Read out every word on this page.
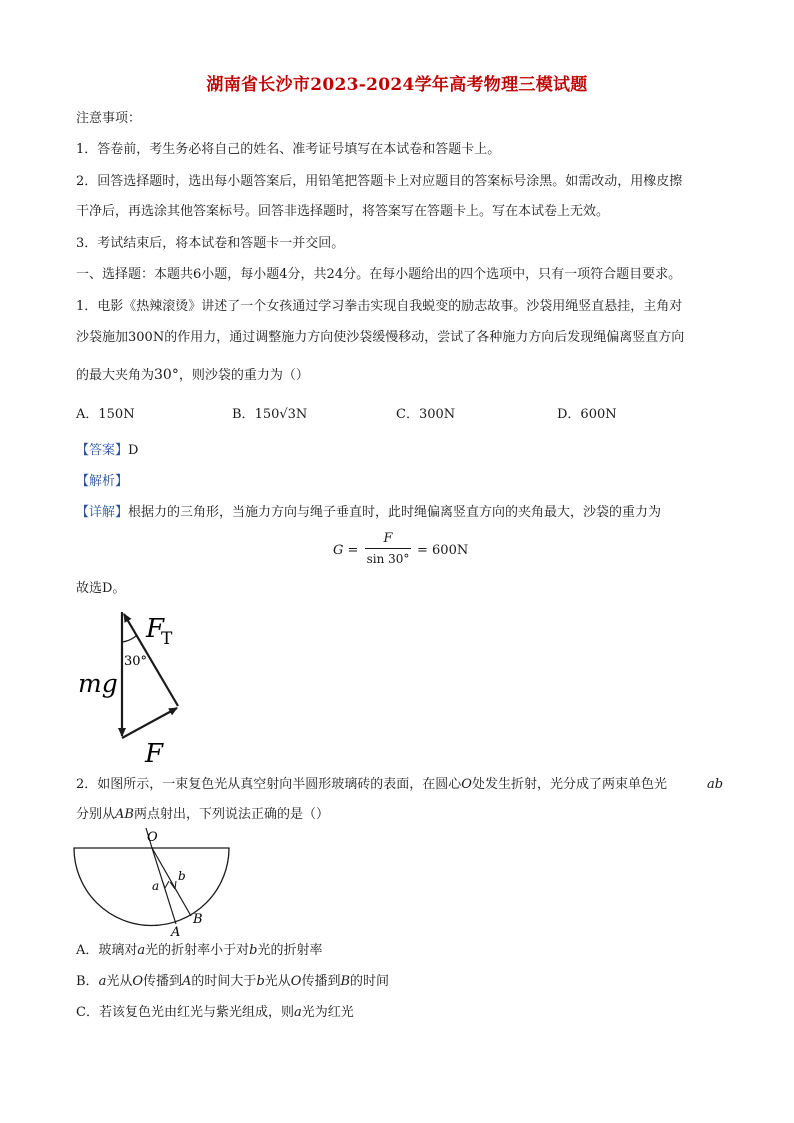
湖南省长沙市2023-2024学年高考物理三模试题
注意事项：
1．答卷前，考生务必将自己的姓名、准考证号填写在本试卷和答题卡上。
2．回答选择题时，选出每小题答案后，用铅笔把答题卡上对应题目的答案标号涂黑。如需改动，用橡皮擦
干净后，再选涂其他答案标号。回答非选择题时，将答案写在答题卡上。写在本试卷上无效。
3．考试结束后，将本试卷和答题卡一并交回。
一、选择题：本题共6小题，每小题4分，共24分。在每小题给出的四个选项中，只有一项符合题目要求。
1．电影《热辣滚烫》讲述了一个女孩通过学习拳击实现自我蜕变的励志故事。沙袋用绳竖直悬挂，主角对
沙袋施加300N的作用力，通过调整施力方向使沙袋缓慢移动，尝试了各种施力方向后发现绳偏离竖直方向
的最大夹角为30°，则沙袋的重力为（）
A．150N	B．150√3N	C．300N	D．600N
【答案】D
【解析】
【详解】根据力的三角形，当施力方向与绳子垂直时，此时绳偏离竖直方向的夹角最大，沙袋的重力为
G =
F
sin 30°
= 600N
故选D。
F
T
30°
mg
F
2．如图所示，一束复色光从真空射向半圆形玻璃砖的表面，在圆心O处发生折射，光分成了两束单色光	ab
分别从AB两点射出，下列说法正确的是（）
O
a
b
A
B
A．玻璃对a光的折射率小于对b光的折射率
B．a光从O传播到A的时间大于b光从O传播到B的时间
C．若该复色光由红光与紫光组成，则a光为红光
